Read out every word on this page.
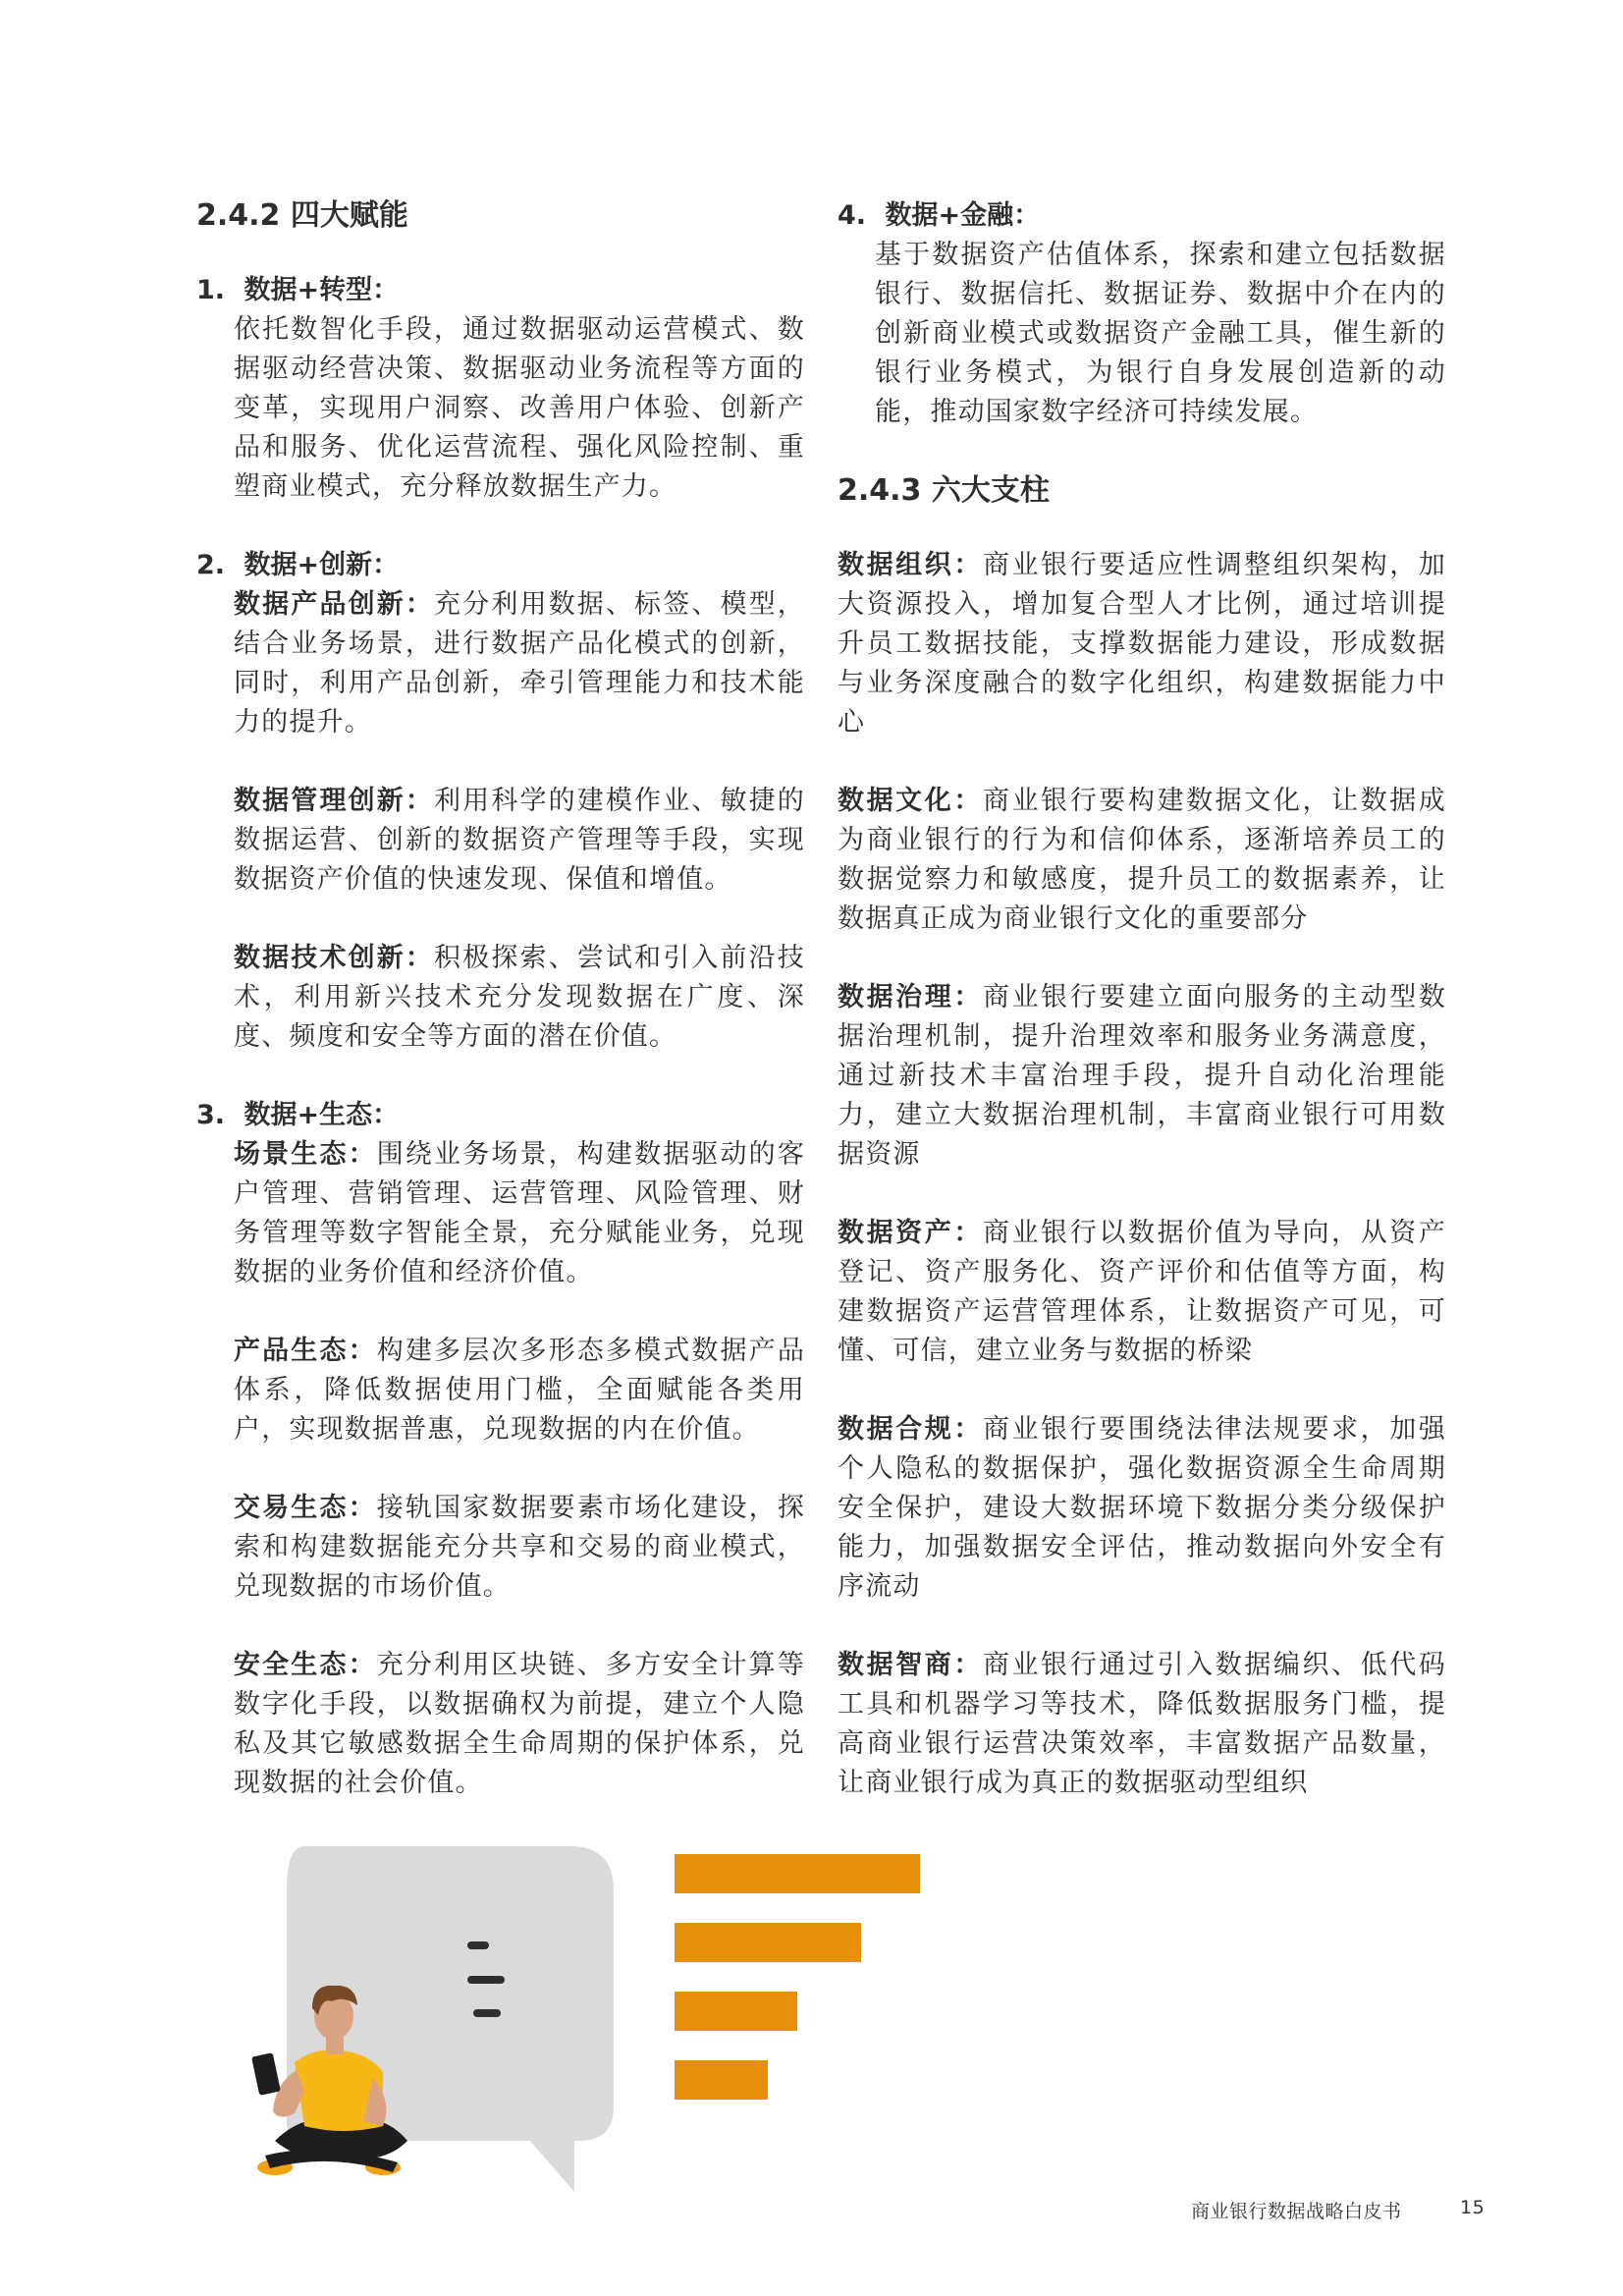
2.4.2 四大赋能

1. 数据+转型：

依托数智化手段，通过数据驱动运营模式、数据驱动经营决策、数据驱动业务流程等方面的变革，实现用户洞察、改善用户体验、创新产品和服务、优化运营流程、强化风险控制、重塑商业模式，充分释放数据生产力。

2. 数据+创新：

数据产品创新：充分利用数据、标签、模型，结合业务场景，进行数据产品化模式的创新，同时，利用产品创新，牵引管理能力和技术能力的提升。

数据管理创新：利用科学的建模作业、敏捷的数据运营、创新的数据资产管理等手段，实现数据资产价值的快速发现、保值和增值。

数据技术创新：积极探索、尝试和引入前沿技术，利用新兴技术充分发现数据在广度、深度、频度和安全等方面的潜在价值。

3. 数据+生态：

场景生态：围绕业务场景，构建数据驱动的客户管理、营销管理、运营管理、风险管理、财务管理等数字智能全景，充分赋能业务，兑现数据的业务价值和经济价值。

产品生态：构建多层次多形态多模式数据产品体系，降低数据使用门槛，全面赋能各类用户，实现数据普惠，兑现数据的内在价值。

交易生态：接轨国家数据要素市场化建设，探索和构建数据能充分共享和交易的商业模式，兑现数据的市场价值。

安全生态：充分利用区块链、多方安全计算等数字化手段，以数据确权为前提，建立个人隐私及其它敏感数据全生命周期的保护体系，兑现数据的社会价值。

4. 数据+金融：

基于数据资产估值体系，探索和建立包括数据银行、数据信托、数据证券、数据中介在内的创新商业模式或数据资产金融工具，催生新的银行业务模式，为银行自身发展创造新的动能，推动国家数字经济可持续发展。

2.4.3 六大支柱

数据组织：商业银行要适应性调整组织架构，加大资源投入，增加复合型人才比例，通过培训提升员工数据技能，支撑数据能力建设，形成数据与业务深度融合的数字化组织，构建数据能力中心

数据文化：商业银行要构建数据文化，让数据成为商业银行的行为和信仰体系，逐渐培养员工的数据觉察力和敏感度，提升员工的数据素养，让数据真正成为商业银行文化的重要部分

数据治理：商业银行要建立面向服务的主动型数据治理机制，提升治理效率和服务业务满意度，通过新技术丰富治理手段，提升自动化治理能力，建立大数据治理机制，丰富商业银行可用数据资源

数据资产：商业银行以数据价值为导向，从资产登记、资产服务化、资产评价和估值等方面，构建数据资产运营管理体系，让数据资产可见，可懂、可信，建立业务与数据的桥梁

数据合规：商业银行要围绕法律法规要求，加强个人隐私的数据保护，强化数据资源全生命周期安全保护，建设大数据环境下数据分类分级保护能力，加强数据安全评估，推动数据向外安全有序流动

数据智商：商业银行通过引入数据编织、低代码工具和机器学习等技术，降低数据服务门槛，提高商业银行运营决策效率，丰富数据产品数量，让商业银行成为真正的数据驱动型组织

商业银行数据战略白皮书	15
